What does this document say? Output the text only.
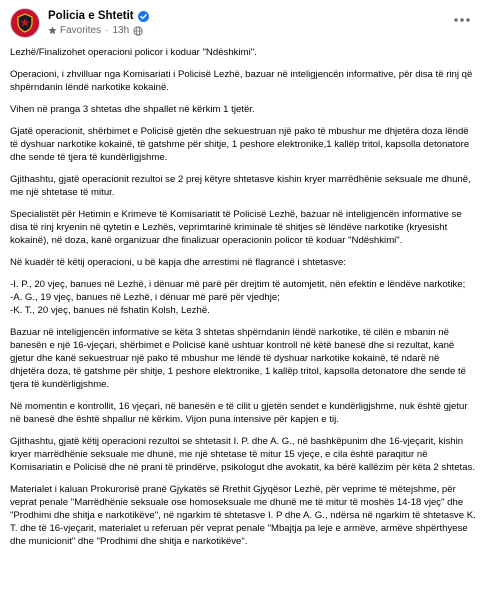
Policia e Shtetit
Favorites · 13h

Lezhë/Finalizohet operacioni policor i koduar "Ndëshkimi".

Operacioni, i zhvilluar nga Komisariati i Policisë Lezhë, bazuar në inteligjencën informative, për disa të rinj që shpërndanin lëndë narkotike kokainë.

Vihen në pranga 3 shtetas dhe shpallet në kërkim 1 tjetër.

Gjatë operacionit, shërbimet e Policisë gjetën dhe sekuestruan një pako të mbushur me dhjetëra doza lëndë të dyshuar narkotike kokainë, të gatshme për shitje, 1 peshore elektronike,1 kallëp tritol, kapsolla detonatore dhe sende të tjera të kundërligjshme.

Gjithashtu, gjatë operacionit rezultoi se 2 prej këtyre shtetasve kishin kryer marrëdhënie seksuale me dhunë, me një shtetase të mitur.

Specialistët për Hetimin e Krimeve të Komisariatit të Policisë Lezhë, bazuar në inteligjencën informative se disa të rinj kryenin në qytetin e Lezhës, veprimtarinë kriminale të shitjes së lëndëve narkotike (kryesisht kokainë), në doza, kanë organizuar dhe finalizuar operacionin policor të koduar "Ndëshkimi".

Në kuadër të këtij operacioni, u bë kapja dhe arrestimi në flagrancë i shtetasve:

-I. P., 20 vjeç, banues në Lezhë, i dënuar më parë për drejtim të automjetit, nën efektin e lëndëve narkotike;

-A. G., 19 vjeç, banues në Lezhë, i dënuar më parë për vjedhje;

-K. T., 20 vjeç, banues në fshatin Kolsh, Lezhë.

Bazuar në inteligjencën informative se këta 3 shtetas shpërndanin lëndë narkotike, të cilën e mbanin në banesën e një 16-vjeçari, shërbimet e Policisë kanë ushtuar kontroll në këtë banesë dhe si rezultat, kanë gjetur dhe kanë sekuestruar një pako të mbushur me lëndë të dyshuar narkotike kokainë, të ndarë në dhjetëra doza, të gatshme për shitje, 1 peshore elektronike, 1 kallëp tritol, kapsolla detonatore dhe sende të tjera të kundërligjshme.

Në momentin e kontrollit, 16 vjeçari, në banesën e të cilit u gjetën sendet e kundërligjshme, nuk është gjetur në banesë dhe është shpallur në kërkim. Vijon puna intensive për kapjen e tij.

Gjithashtu, gjatë këtij operacioni rezultoi se shtetasit I. P. dhe A. G., në bashkëpunim dhe 16-vjeçarit, kishin kryer marrëdhënie seksuale me dhunë, me një shtetase të mitur 15 vjeçe, e cila është paraqitur në Komisariatin e Policisë dhe në prani të prindërve, psikologut dhe avokatit, ka bërë kallëzim për këta 2 shtetas.

Materialet i kaluan Prokurorisë pranë Gjykatës së Rrethit Gjyqësor Lezhë, për veprime të mëtejshme, për veprat penale "Marrëdhënie seksuale ose homoseksuale me dhunë me të mitur të moshës 14-18 vjeç" dhe "Prodhimi dhe shitja e narkotikëve", në ngarkim të shtetasve I. P dhe A. G., ndërsa në ngarkim të shtetasve K. T. dhe të 16-vjeçarit, materialet u referuan për veprat penale "Mbajtja pa leje e armëve, armëve shpërthyese dhe municionit" dhe "Prodhimi dhe shitja e narkotikëve".
